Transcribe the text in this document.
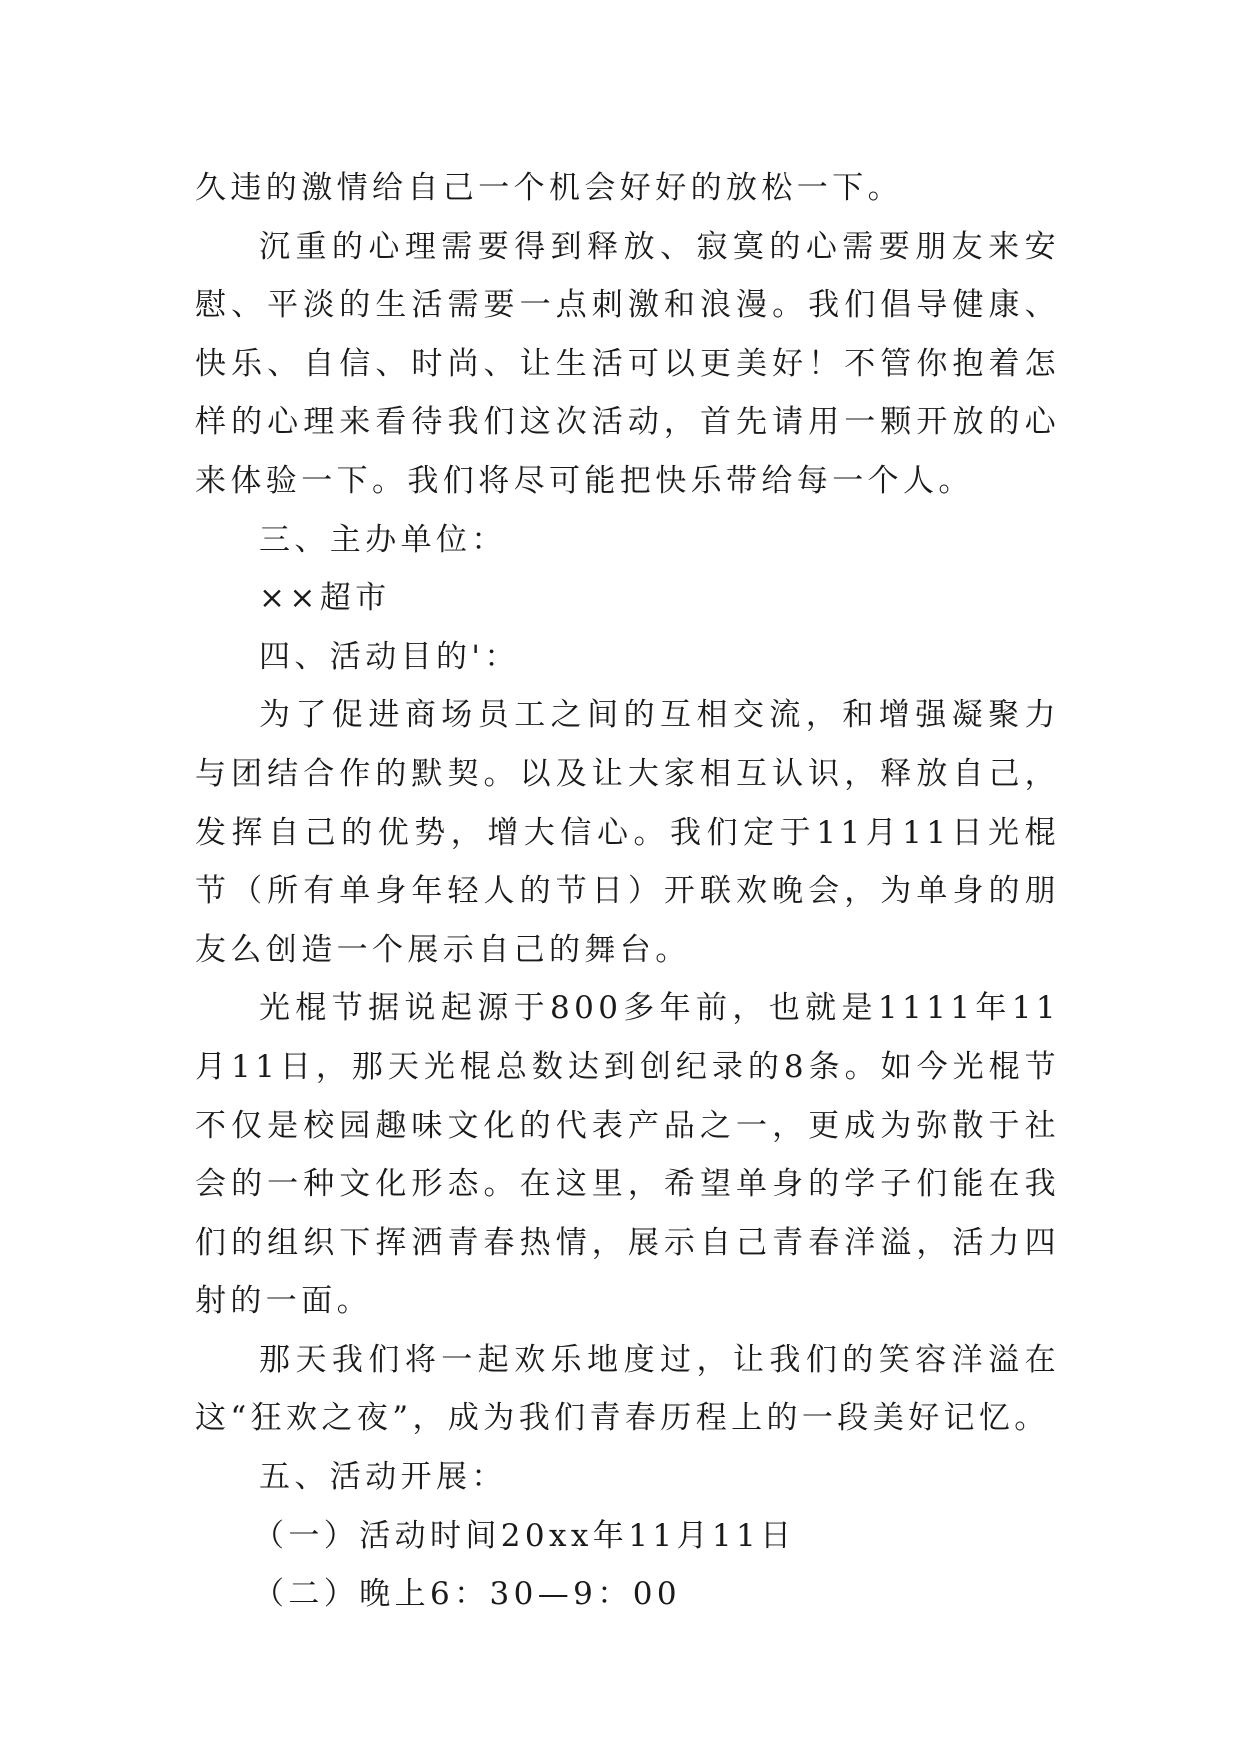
久违的激情给自己一个机会好好的放松一下。

沉重的心理需要得到释放、寂寞的心需要朋友来安慰、平淡的生活需要一点刺激和浪漫。我们倡导健康、快乐、自信、时尚、让生活可以更美好！不管你抱着怎样的心理来看待我们这次活动，首先请用一颗开放的心来体验一下。我们将尽可能把快乐带给每一个人。

三、主办单位：

××超市

四、活动目的'：

为了促进商场员工之间的互相交流，和增强凝聚力与团结合作的默契。以及让大家相互认识，释放自己，发挥自己的优势，增大信心。我们定于11月11日光棍节（所有单身年轻人的节日）开联欢晚会，为单身的朋友么创造一个展示自己的舞台。

光棍节据说起源于800多年前，也就是1111年11月11日，那天光棍总数达到创纪录的8条。如今光棍节不仅是校园趣味文化的代表产品之一，更成为弥散于社会的一种文化形态。在这里，希望单身的学子们能在我们的组织下挥洒青春热情，展示自己青春洋溢，活力四射的一面。

那天我们将一起欢乐地度过，让我们的笑容洋溢在这“狂欢之夜”，成为我们青春历程上的一段美好记忆。

五、活动开展：

（一）活动时间20xx年11月11日

（二）晚上6：30—9：00
